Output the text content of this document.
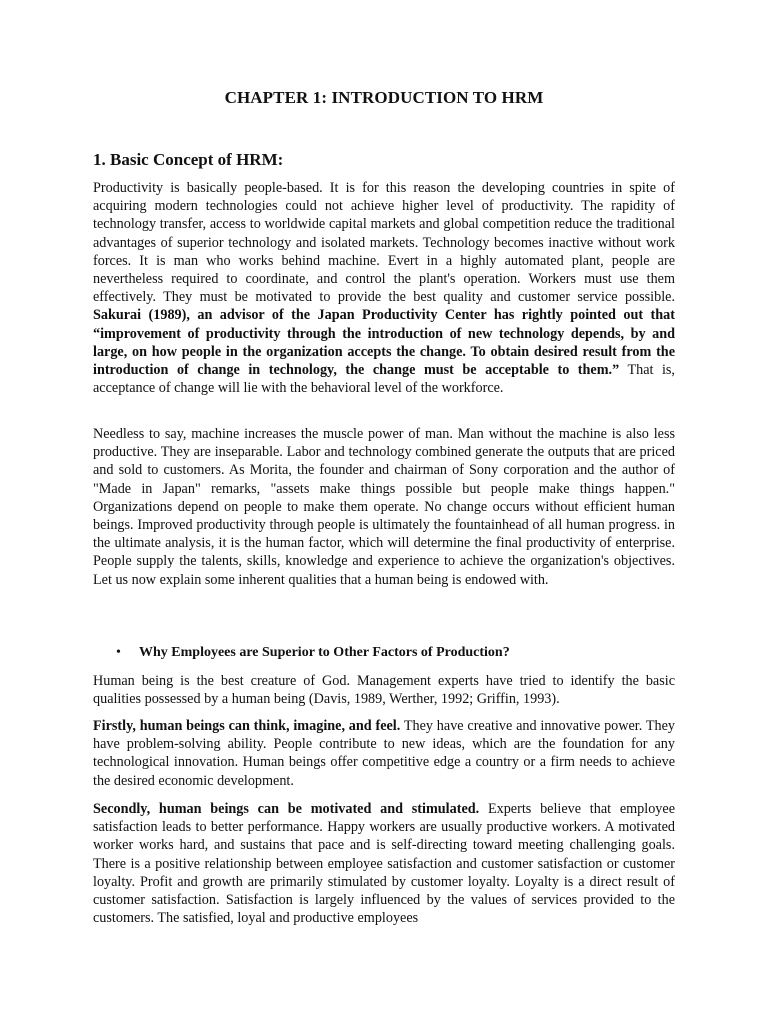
CHAPTER 1: INTRODUCTION TO HRM
1. Basic Concept of HRM:

Productivity is basically people-based. It is for this reason the developing countries in spite of acquiring modern technologies could not achieve higher level of productivity. The rapidity of technology transfer, access to worldwide capital markets and global competition reduce the traditional advantages of superior technology and isolated markets. Technology becomes inactive without work forces. It is man who works behind machine. Evert in a highly automated plant, people are nevertheless required to coordinate, and control the plant's operation. Workers must use them effectively. They must be motivated to provide the best quality and customer service possible. Sakurai (1989), an advisor of the Japan Productivity Center has rightly pointed out that “improvement of productivity through the introduction of new technology depends, by and large, on how people in the organization accepts the change. To obtain desired result from the introduction of change in technology, the change must be acceptable to them.” That is, acceptance of change will lie with the behavioral level of the workforce.

Needless to say, machine increases the muscle power of man. Man without the machine is also less productive. They are inseparable. Labor and technology combined generate the outputs that are priced and sold to customers. As Morita, the founder and chairman of Sony corporation and the author of "Made in Japan" remarks, "assets make things possible but people make things happen." Organizations depend on people to make them operate. No change occurs without efficient human beings. Improved productivity through people is ultimately the fountainhead of all human progress. in the ultimate analysis, it is the human factor, which will determine the final productivity of enterprise. People supply the talents, skills, knowledge and experience to achieve the organization's objectives. Let us now explain some inherent qualities that a human being is endowed with.

• Why Employees are Superior to Other Factors of Production?

Human being is the best creature of God. Management experts have tried to identify the basic qualities possessed by a human being (Davis, 1989, Werther, 1992; Griffin, 1993).

Firstly, human beings can think, imagine, and feel. They have creative and innovative power. They have problem-solving ability. People contribute to new ideas, which are the foundation for any technological innovation. Human beings offer competitive edge a country or a firm needs to achieve the desired economic development.

Secondly, human beings can be motivated and stimulated. Experts believe that employee satisfaction leads to better performance. Happy workers are usually productive workers. A motivated worker works hard, and sustains that pace and is self-directing toward meeting challenging goals. There is a positive relationship between employee satisfaction and customer satisfaction or customer loyalty. Profit and growth are primarily stimulated by customer loyalty. Loyalty is a direct result of customer satisfaction. Satisfaction is largely influenced by the values of services provided to the customers. The satisfied, loyal and productive employees
